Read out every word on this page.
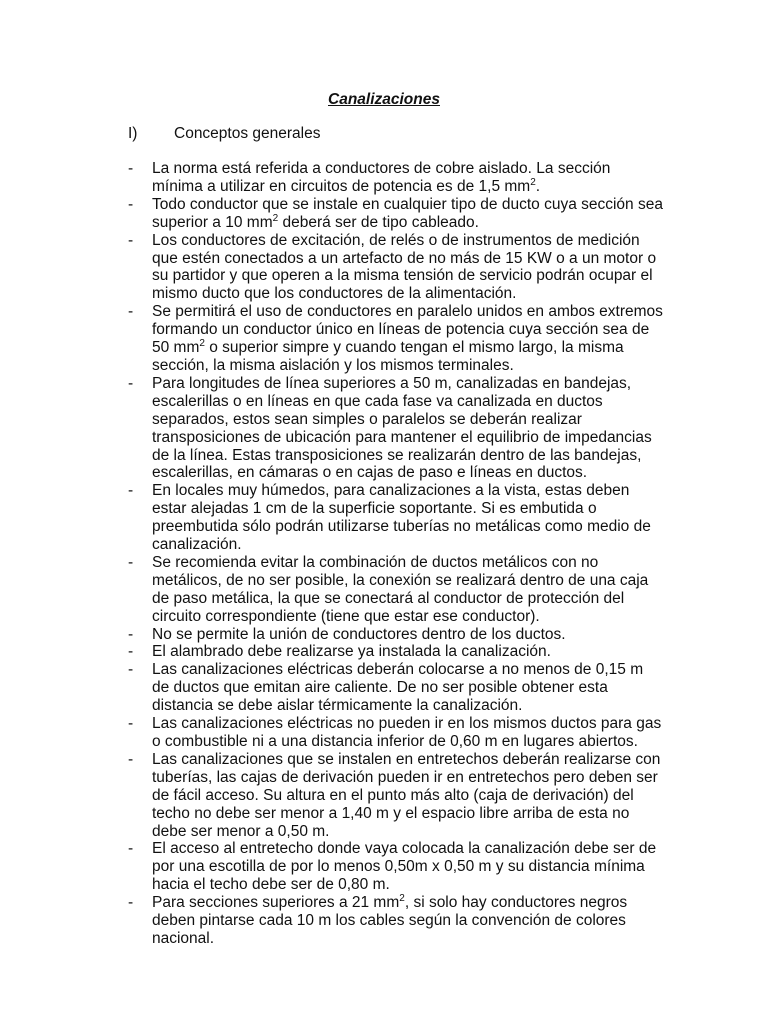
Canalizaciones
I)	Conceptos generales
- La norma está referida a conductores de cobre aislado. La sección mínima a utilizar en circuitos de potencia es de 1,5 $mm^2$.
- Todo conductor que se instale en cualquier tipo de ducto cuya sección sea superior a 10 $mm^2$ deberá ser de tipo cableado.
- Los conductores de excitación, de relés o de instrumentos de medición que estén conectados a un artefacto de no más de 15 KW o a un motor o su partidor y que operen a la misma tensión de servicio podrán ocupar el mismo ducto que los conductores de la alimentación.
- Se permitirá el uso de conductores en paralelo unidos en ambos extremos formando un conductor único en líneas de potencia cuya sección sea de 50 $mm^2$ o superior simpre y cuando tengan el mismo largo, la misma sección, la misma aislación y los mismos terminales.
- Para longitudes de línea superiores a 50 m, canalizadas en bandejas, escalerillas o en líneas en que cada fase va canalizada en ductos separados, estos sean simples o paralelos se deberán realizar transposiciones de ubicación para mantener el equilibrio de impedancias de la línea. Estas transposiciones se realizarán dentro de las bandejas, escalerillas, en cámaras o en cajas de paso e líneas en ductos.
- En locales muy húmedos, para canalizaciones a la vista, estas deben estar alejadas 1 cm de la superficie soportante. Si es embutida o preembutida sólo podrán utilizarse tuberías no metálicas como medio de canalización.
- Se recomienda evitar la combinación de ductos metálicos con no metálicos, de no ser posible, la conexión se realizará dentro de una caja de paso metálica, la que se conectará al conductor de protección del circuito correspondiente (tiene que estar ese conductor).
- No se permite la unión de conductores dentro de los ductos.
- El alambrado debe realizarse ya instalada la canalización.
- Las canalizaciones eléctricas deberán colocarse a no menos de 0,15 m de ductos que emitan aire caliente. De no ser posible obtener esta distancia se debe aislar térmicamente la canalización.
- Las canalizaciones eléctricas no pueden ir en los mismos ductos para gas o combustible ni a una distancia inferior de 0,60 m en lugares abiertos.
- Las canalizaciones que se instalen en entretechos deberán realizarse con tuberías, las cajas de derivación pueden ir en entretechos pero deben ser de fácil acceso. Su altura en el punto más alto (caja de derivación) del techo no debe ser menor a 1,40 m y el espacio libre arriba de esta no debe ser menor a 0,50 m.
- El acceso al entretecho donde vaya colocada la canalización debe ser de por una escotilla de por lo menos 0,50m x 0,50 m y su distancia mínima hacia el techo debe ser de 0,80 m.
- Para secciones superiores a 21 $mm^2$, si solo hay conductores negros deben pintarse cada 10 m los cables según la convención de colores nacional.
